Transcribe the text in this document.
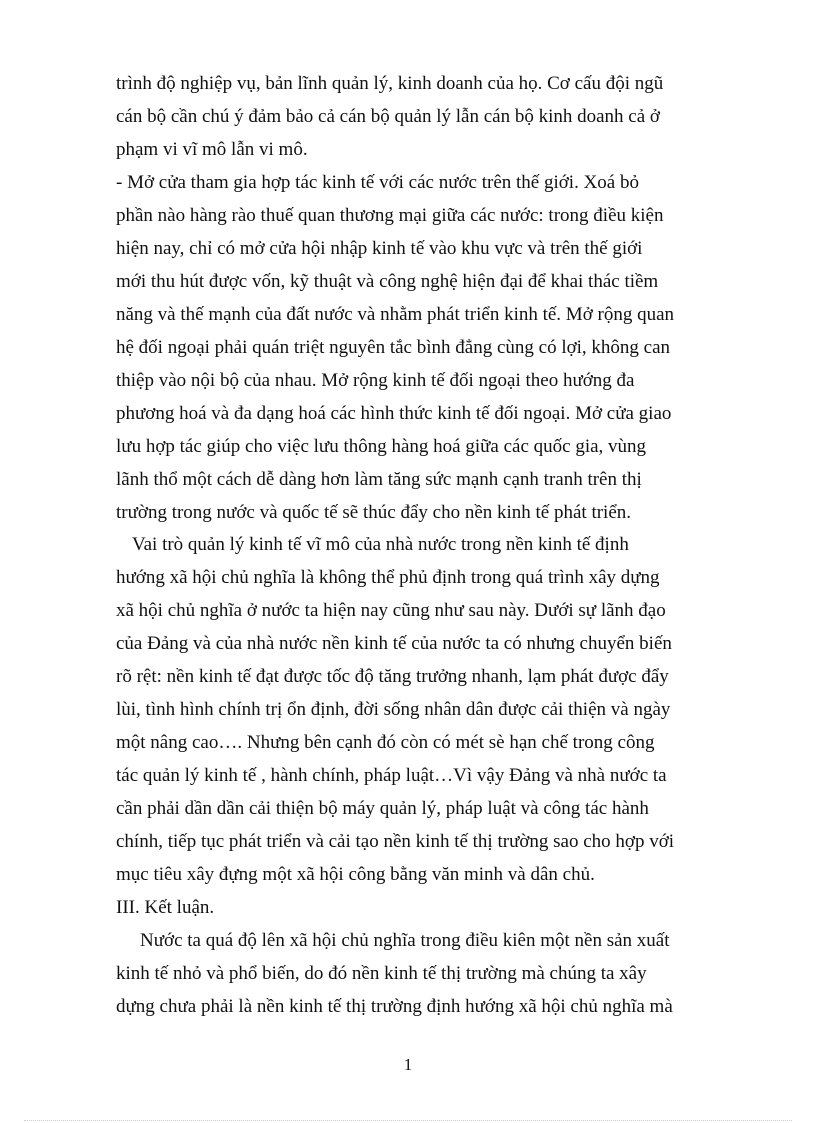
trình độ nghiệp vụ, bản lĩnh quản lý, kinh doanh của họ. Cơ cấu đội ngũ
cán bộ cần chú ý đảm bảo cả cán bộ quản lý lẫn cán bộ kinh doanh cả ở
phạm vi vĩ mô lẫn vi mô.
- Mở cửa tham gia hợp tác kinh tế với các nước trên thế giới. Xoá bỏ
phần nào hàng rào thuế quan thương mại giữa các nước: trong điều kiện
hiện nay, chỉ có mở cửa hội nhập kinh tế vào khu vực và trên thế giới
mới thu hút được vốn, kỹ thuật và công nghệ hiện đại để khai thác tiềm
năng và thế mạnh của đất nước và nhằm phát triển kinh tế. Mở rộng quan
hệ đối ngoại phải quán triệt nguyên tắc bình đẳng cùng có lợi, không can
thiệp vào nội bộ của nhau. Mở rộng kinh tế đối ngoại theo hướng đa
phương hoá và đa dạng hoá các hình thức kinh tế đối ngoại. Mở cửa giao
lưu hợp tác giúp cho việc lưu thông hàng hoá giữa các quốc gia, vùng
lãnh thổ một cách dễ dàng hơn làm tăng sức mạnh cạnh tranh trên thị
trường trong nước và quốc tế sẽ thúc đẩy cho nền kinh tế phát triển.
Vai trò quản lý kinh tế vĩ mô của nhà nước trong nền kinh tế định
hướng xã hội chủ nghĩa là không thể phủ định trong quá trình xây dựng
xã hội chủ nghĩa ở nước ta hiện nay cũng như sau này. Dưới sự lãnh đạo
của Đảng và của nhà nước nền kinh tế của nước ta có nhưng chuyển biến
rõ rệt: nền kinh tế đạt được tốc độ tăng trưởng nhanh, lạm phát được đẩy
lùi, tình hình chính trị ổn định, đời sống nhân dân được cải thiện và ngày
một nâng cao…. Nhưng bên cạnh đó còn có mét sè hạn chế trong công
tác quản lý kinh tế , hành chính, pháp luật…Vì vậy Đảng và nhà nước ta
cần phải dần dần cải thiện bộ máy quản lý, pháp luật và công tác hành
chính, tiếp tục phát triển và cải tạo nền kinh tế thị trường sao cho hợp với
mục tiêu xây đựng một xã hội công bằng văn minh và dân chủ.
III. Kết luận.
Nước ta quá độ lên xã hội chủ nghĩa trong điều kiên một nền sản xuất
kinh tế nhỏ và phổ biến, do đó nền kinh tế thị trường mà chúng ta xây
dựng chưa phải là nền kinh tế thị trường định hướng xã hội chủ nghĩa mà
1
